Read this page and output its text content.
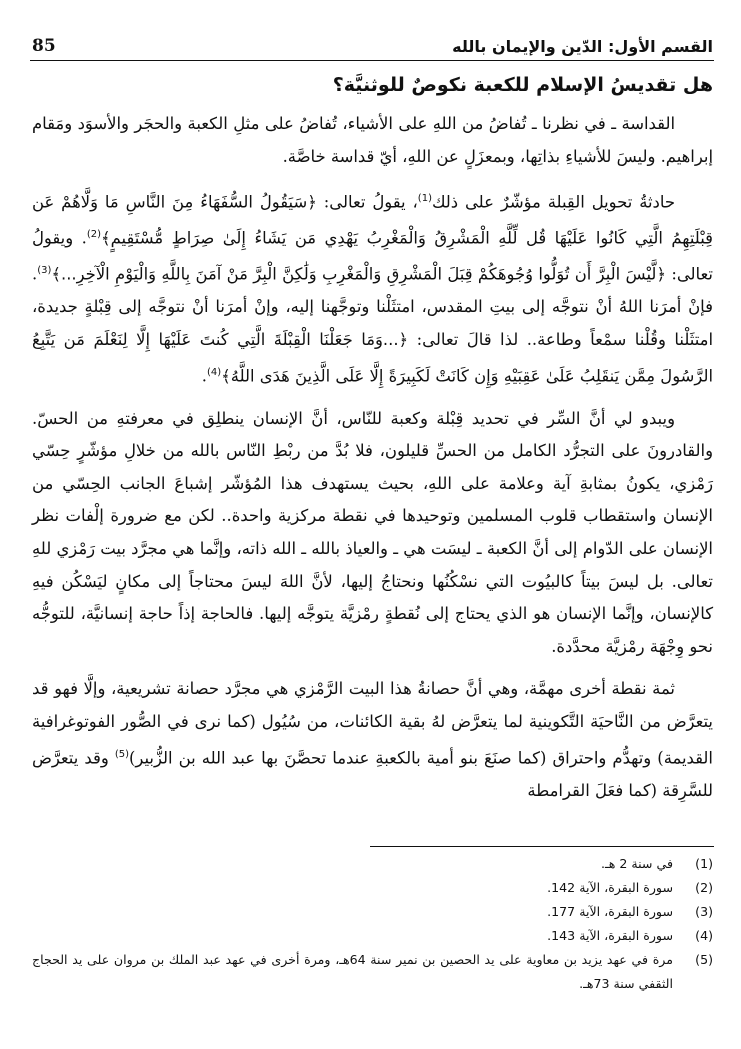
القسم الأول: الدّين والإيمان بالله
85
هل تقديسُ الإسلام للكعبة نكوصٌ للوثنيَّة؟

القداسة ـ في نظرنا ـ تُفاضُ من اللهِ على الأشياء، تُفاضُ على مثلِ الكعبة والحجَر والأسوَد ومَقام إبراهيم. وليسَ للأشياءِ بذاتِها، وبمعزَلٍ عن اللهِ، أيّ قداسة خاصَّة.

حادثةُ تحويل القِبلة مؤشّرٌ على ذلك$^{(1)}$، يقولُ تعالى: ﴿سَيَقُولُ السُّفَهَاءُ مِنَ النَّاسِ مَا وَلَّاهُمْ عَن قِبْلَتِهِمُ الَّتِي كَانُوا عَلَيْهَا قُل لِّلَّهِ الْمَشْرِقُ وَالْمَغْرِبُ يَهْدِي مَن يَشَاءُ إِلَىٰ صِرَاطٍ مُّسْتَقِيمٍ﴾$^{(2)}$. ويقولُ تعالى: ﴿لَّيْسَ الْبِرَّ أَن تُوَلُّوا وُجُوهَكُمْ قِبَلَ الْمَشْرِقِ وَالْمَغْرِبِ وَلَٰكِنَّ الْبِرَّ مَنْ آمَنَ بِاللَّهِ وَالْيَوْمِ الْآخِرِ...﴾$^{(3)}$. فإنْ أمرَنا اللهُ أنْ نتوجَّه إلى بيتِ المقدس، امتثَلْنا وتوجَّهنا إليه، وإنْ أمرَنا أنْ نتوجَّه إلى قِبْلةٍ جديدة، امتثَلْنا وقُلْنا سمْعاً وطاعة.. لذا قالَ تعالى: ﴿...وَمَا جَعَلْنَا الْقِبْلَةَ الَّتِي كُنتَ عَلَيْهَا إِلَّا لِنَعْلَمَ مَن يَتَّبِعُ الرَّسُولَ مِمَّن يَنقَلِبُ عَلَىٰ عَقِبَيْهِ وَإِن كَانَتْ لَكَبِيرَةً إِلَّا عَلَى الَّذِينَ هَدَى اللَّهُ﴾$^{(4)}$.

ويبدو لي أنَّ السِّر في تحديد قِبْلة وكعبة للنّاس، أنَّ الإنسان ينطلِق في معرفتهِ من الحسّ. والقادرونَ على التجرُّد الكامل من الحسِّ قليلون، فلا بُدَّ من ربْطِ النّاس بالله من خلالِ مؤشّرٍ حِسّي رَمْزي، يكونُ بمثابةِ آية وعلامة على اللهِ، بحيث يستهدف هذا المُؤشّر إشباعَ الجانب الحِسّي من الإنسان واستقطاب قلوب المسلمين وتوحيدها في نقطة مركزية واحدة.. لكن مع ضرورة إلْفات نظر الإنسان على الدّوام إلى أنَّ الكعبة ـ ليسَت هي ـ والعياذ بالله ـ الله ذاته، وإنَّما هي مجرَّد بيت رَمْزي للهِ تعالى. بل ليسَ بيتاً كالبيُوت التي نسْكُنُها ونحتاجُ إليها، لأنَّ اللهَ ليسَ محتاجاً إلى مكانٍ ليَسْكُن فيهِ كالإنسان، وإنَّما الإنسان هو الذي يحتاج إلى نُقطةٍ رمْزيَّة يتوجَّه إليها. فالحاجة إذاً حاجة إنسانيَّة، للتوجُّه نحو وِجْهَة رمْزيَّة محدَّدة.

ثمة نقطة أخرى مهمَّة، وهي أنَّ حصانةُ هذا البيت الرَّمْزي هي مجرَّد حصانة تشريعية، وإلَّا فهو قد يتعرَّض من النَّاحيَة التَّكوينية لما يتعرَّض لهُ بقية الكائنات، من سُيُول (كما نرى في الصُّور الفوتوغرافية القديمة) وتهدُّم واحتراق (كما صنَعَ بنو أمية بالكعبةِ عندما تحصَّنَ بها عبد الله بن الزُّبير)$^{(5)}$ وقد يتعرَّض للسَّرِقة (كما فعَلَ القرامطة

(1)
في سنة 2 هـ.
(2)
سورة البقرة، الآية 142.
(3)
سورة البقرة، الآية 177.
(4)
سورة البقرة، الآية 143.
(5)
مرة في عهد يزيد بن معاوية على يد الحصين بن نمير سنة 64هـ، ومرة أخرى في عهد عبد الملك بن مروان على يد الحجاج الثقفي سنة 73هـ.
